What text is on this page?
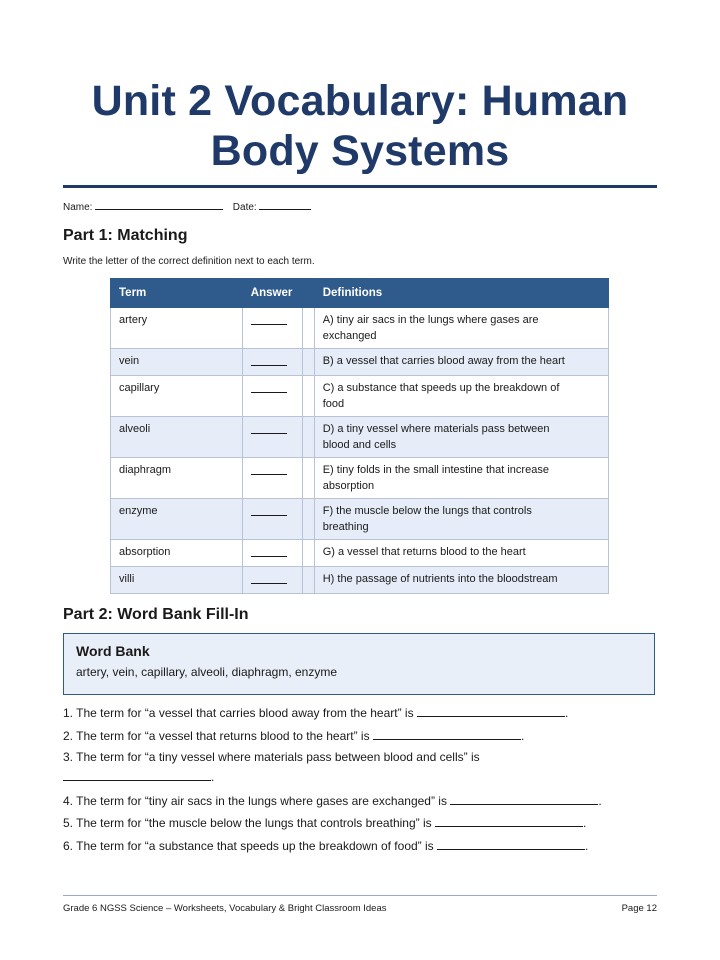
Unit 2 Vocabulary: Human
Body Systems
Name:	Date:
Part 1: Matching
Write the letter of the correct definition next to each term.
Term	Answer		Definitions
artery			A) tiny air sacs in the lungs where gases are
exchanged

vein			B) a vessel that carries blood away from the heart

capillary			C) a substance that speeds up the breakdown of
food

alveoli			D) a tiny vessel where materials pass between
blood and cells

diaphragm			E) tiny folds in the small intestine that increase
absorption

enzyme			F) the muscle below the lungs that controls
breathing

absorption			G) a vessel that returns blood to the heart

villi			H) the passage of nutrients into the bloodstream
Part 2: Word Bank Fill-In
Word Bank
artery, vein, capillary, alveoli, diaphragm, enzyme
1. The term for “a vessel that carries blood away from the heart” is	.
2. The term for “a vessel that returns blood to the heart” is	.
3. The term for “a tiny vessel where materials pass between blood and cells” is
.
4. The term for “tiny air sacs in the lungs where gases are exchanged” is	.
5. The term for “the muscle below the lungs that controls breathing” is	.
6. The term for “a substance that speeds up the breakdown of food” is	.
Grade 6 NGSS Science – Worksheets, Vocabulary & Bright Classroom Ideas	Page 12
